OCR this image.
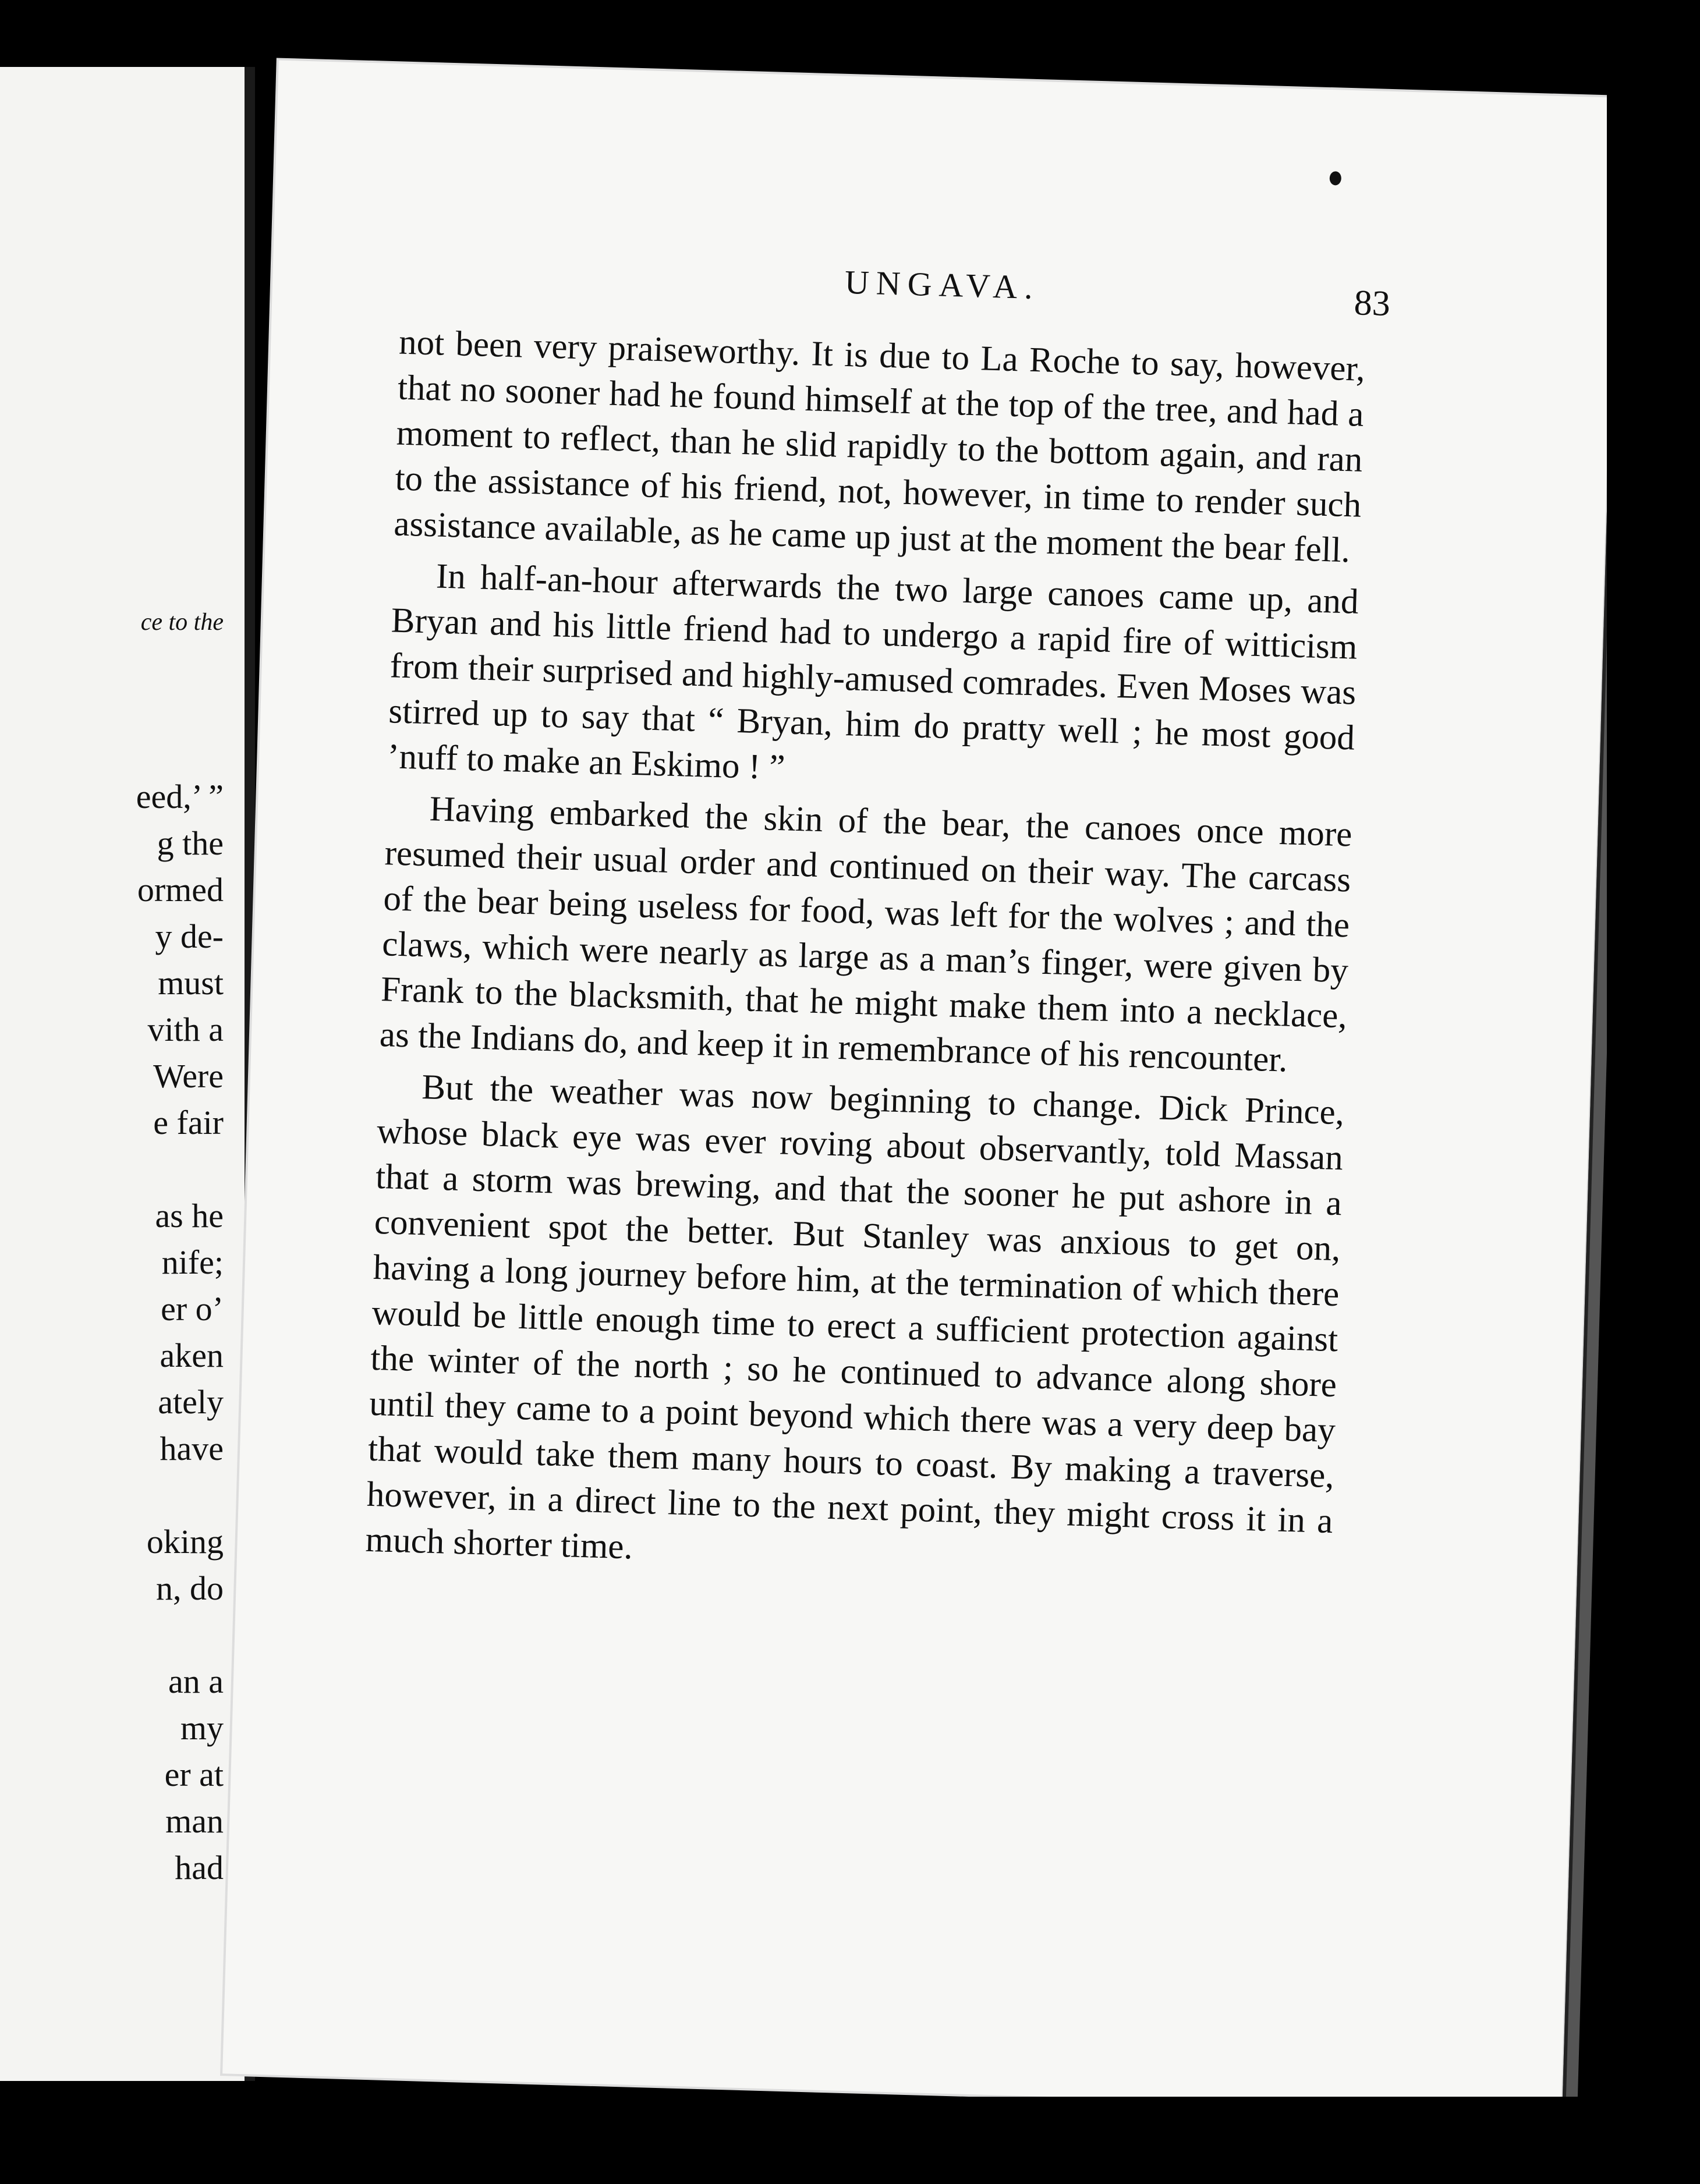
ce to the
eed,’ ”
g the
ormed
y de-
must
vith a
Were
e fair
as he
nife;
er o’
aken
ately
have
oking
n, do
an a
my
er at
man
had
UNGAVA.	83

not been very praiseworthy. It is due to La Roche to say, however, that no sooner had he found himself at the top of the tree, and had a moment to reflect, than he slid rapidly to the bottom again, and ran to the assistance of his friend, not, however, in time to render such assistance available, as he came up just at the moment the bear fell.

In half-an-hour afterwards the two large canoes came up, and Bryan and his little friend had to undergo a rapid fire of witticism from their surprised and highly-amused comrades. Even Moses was stirred up to say that “ Bryan, him do pratty well ; he most good ’nuff to make an Eskimo ! ”

Having embarked the skin of the bear, the canoes once more resumed their usual order and continued on their way. The carcass of the bear being useless for food, was left for the wolves ; and the claws, which were nearly as large as a man’s finger, were given by Frank to the blacksmith, that he might make them into a necklace, as the Indians do, and keep it in remembrance of his rencounter.

But the weather was now beginning to change. Dick Prince, whose black eye was ever roving about observantly, told Massan that a storm was brewing, and that the sooner he put ashore in a convenient spot the better. But Stanley was anxious to get on, having a long journey before him, at the termination of which there would be little enough time to erect a sufficient protection against the winter of the north ; so he continued to advance along shore until they came to a point beyond which there was a very deep bay that would take them many hours to coast. By making a traverse, however, in a direct line to the next point, they might cross it in a much shorter time.
